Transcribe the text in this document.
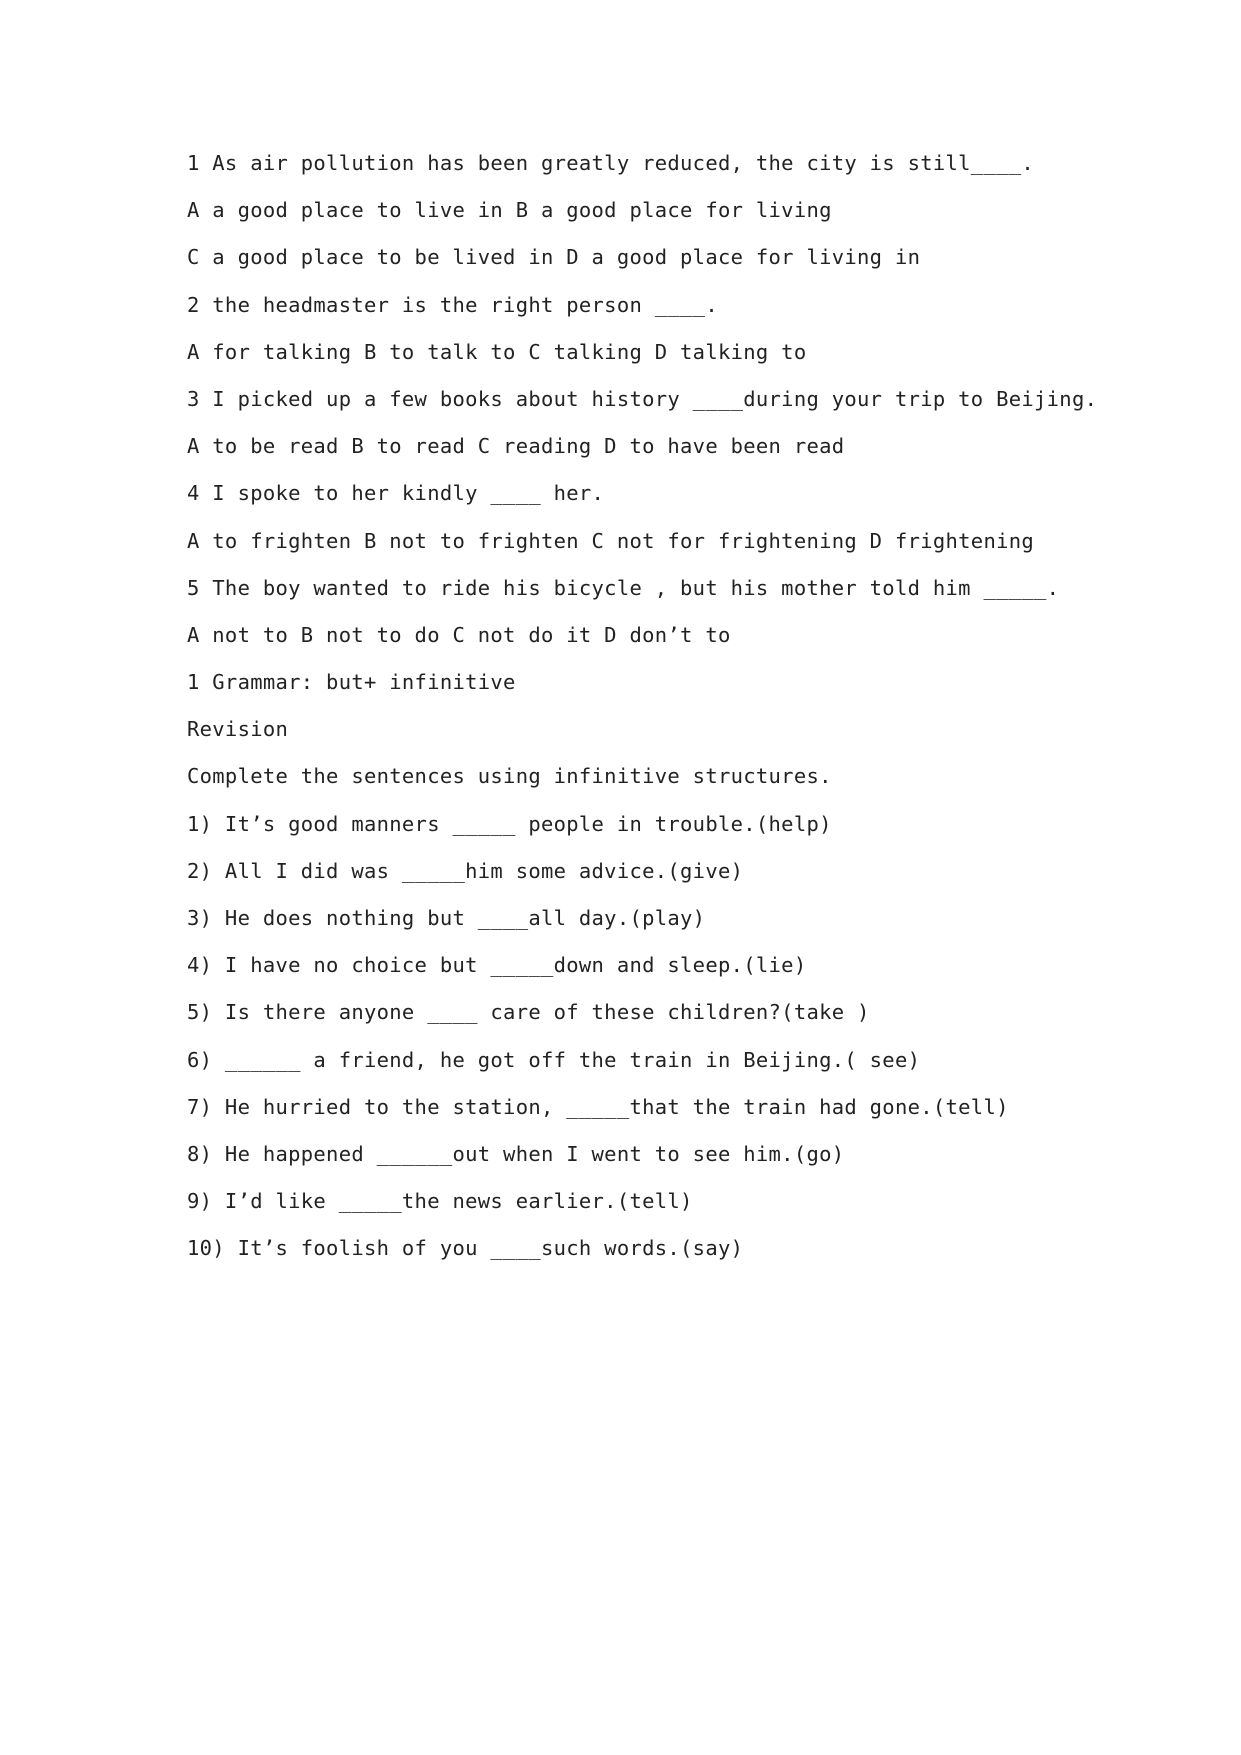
1 As air pollution has been greatly reduced, the city is still____.
A a good place to live in B a good place for living
C a good place to be lived in D a good place for living in
2 the headmaster is the right person ____.
A for talking B to talk to C talking D talking to
3 I picked up a few books about history ____during your trip to Beijing.
A to be read B to read C reading D to have been read
4 I spoke to her kindly ____ her.
A to frighten B not to frighten C not for frightening D frightening
5 The boy wanted to ride his bicycle , but his mother told him _____.
A not to B not to do C not do it D don’t to
1 Grammar: but+ infinitive
Revision
Complete the sentences using infinitive structures.
1) It’s good manners _____ people in trouble.(help)
2) All I did was _____him some advice.(give)
3) He does nothing but ____all day.(play)
4) I have no choice but _____down and sleep.(lie)
5) Is there anyone ____ care of these children?(take )
6) ______ a friend, he got off the train in Beijing.( see)
7) He hurried to the station, _____that the train had gone.(tell)
8) He happened ______out when I went to see him.(go)
9) I’d like _____the news earlier.(tell)
10) It’s foolish of you ____such words.(say)
